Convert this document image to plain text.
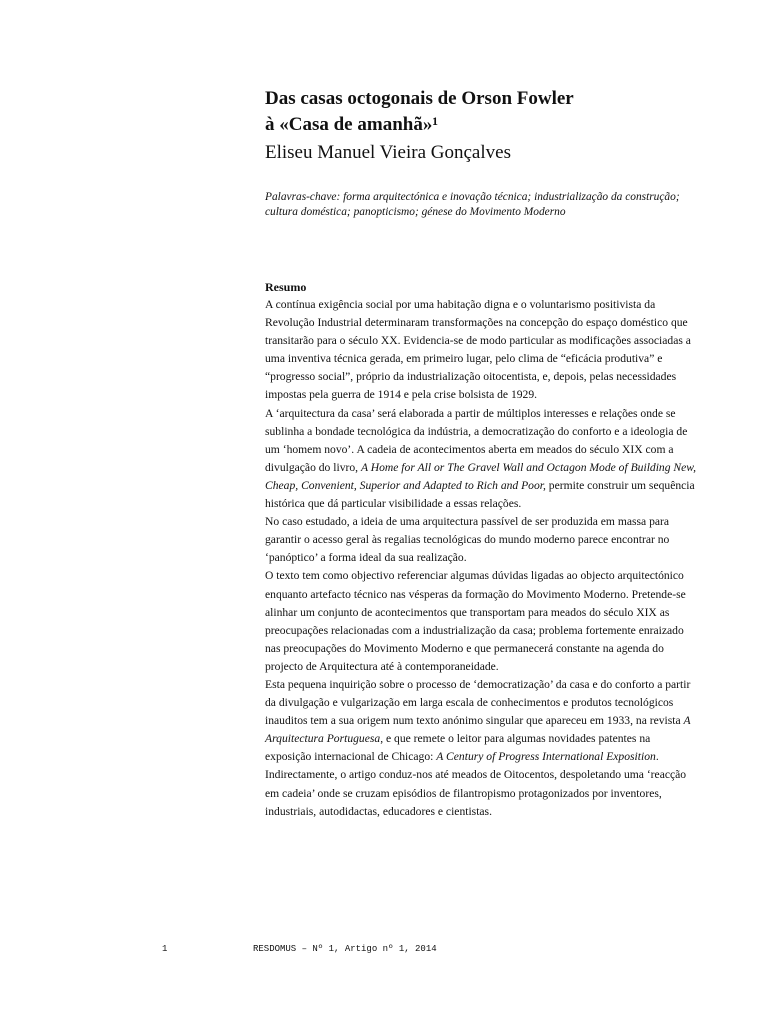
Das casas octogonais de Orson Fowler
à «Casa de amanhã»¹
Eliseu Manuel Vieira Gonçalves

Palavras-chave: forma arquitectónica e inovação técnica; industrialização da construção; cultura doméstica; panopticismo; génese do Movimento Moderno

Resumo

A contínua exigência social por uma habitação digna e o voluntarismo positivista da Revolução Industrial determinaram transformações na concepção do espaço doméstico que transitarão para o século XX. Evidencia-se de modo particular as modificações associadas a uma inventiva técnica gerada, em primeiro lugar, pelo clima de “eficácia produtiva” e “progresso social”, próprio da industrialização oitocentista, e, depois, pelas necessidades impostas pela guerra de 1914 e pela crise bolsista de 1929.

A ‘arquitectura da casa’ será elaborada a partir de múltiplos interesses e relações onde se sublinha a bondade tecnológica da indústria, a democratização do conforto e a ideologia de um ‘homem novo’. A cadeia de acontecimentos aberta em meados do século XIX com a divulgação do livro, A Home for All or The Gravel Wall and Octagon Mode of Building New, Cheap, Convenient, Superior and Adapted to Rich and Poor, permite construir um sequência histórica que dá particular visibilidade a essas relações.

No caso estudado, a ideia de uma arquitectura passível de ser produzida em massa para garantir o acesso geral às regalias tecnológicas do mundo moderno parece encontrar no ‘panóptico’ a forma ideal da sua realização.

O texto tem como objectivo referenciar algumas dúvidas ligadas ao objecto arquitectónico enquanto artefacto técnico nas vésperas da formação do Movimento Moderno. Pretende-se alinhar um conjunto de acontecimentos que transportam para meados do século XIX as preocupações relacionadas com a industrialização da casa; problema fortemente enraizado nas preocupações do Movimento Moderno e que permanecerá constante na agenda do projecto de Arquitectura até à contemporaneidade.

Esta pequena inquirição sobre o processo de ‘democratização’ da casa e do conforto a partir da divulgação e vulgarização em larga escala de conhecimentos e produtos tecnológicos inauditos tem a sua origem num texto anónimo singular que apareceu em 1933, na revista A Arquitectura Portuguesa, e que remete o leitor para algumas novidades patentes na exposição internacional de Chicago: A Century of Progress International Exposition. Indirectamente, o artigo conduz-nos até meados de Oitocentos, despoletando uma ‘reacção em cadeia’ onde se cruzam episódios de filantropismo protagonizados por inventores, industriais, autodidactas, educadores e cientistas.

1	RESDOMUS – Nº 1, Artigo nº 1, 2014
